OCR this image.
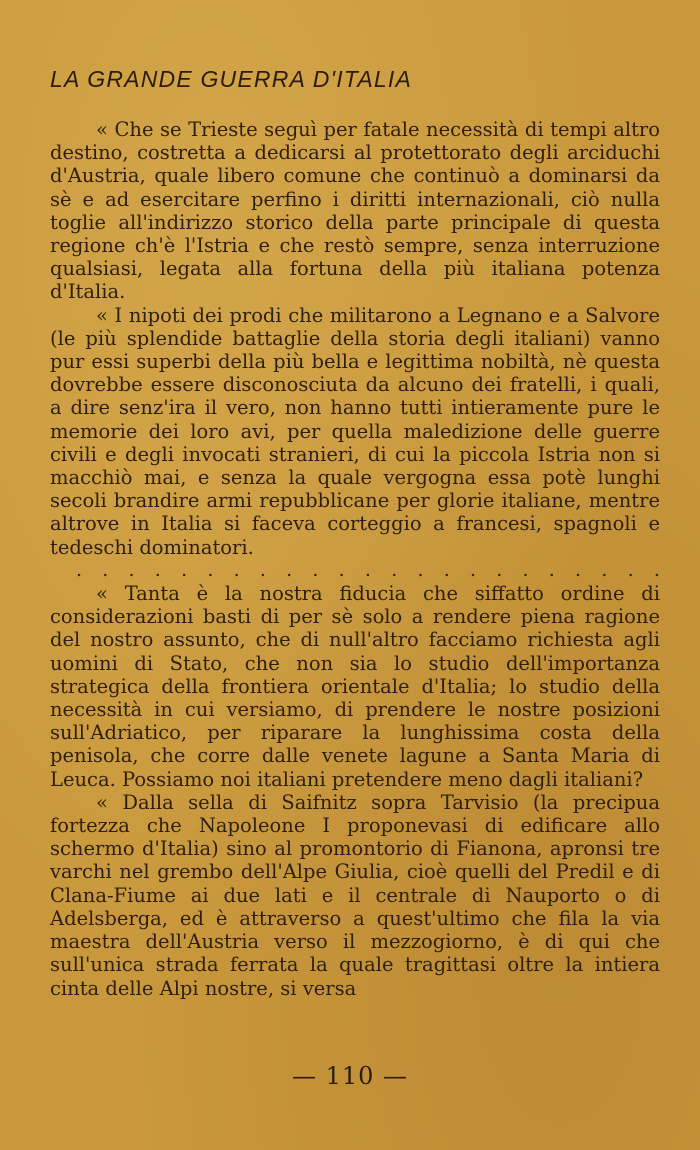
LA GRANDE GUERRA D'ITALIA

« Che se Trieste seguì per fatale necessità di tempi altro destino, costretta a dedicarsi al protettorato degli arciduchi d'Austria, quale libero comune che continuò a dominarsi da sè e ad esercitare perfino i diritti internazionali, ciò nulla toglie all'indirizzo storico della parte principale di questa regione ch'è l'Istria e che restò sempre, senza interruzione qualsiasi, legata alla fortuna della più italiana potenza d'Italia.

« I nipoti dei prodi che militarono a Legnano e a Salvore (le più splendide battaglie della storia degli italiani) vanno pur essi superbi della più bella e legittima nobiltà, nè questa dovrebbe essere disconosciuta da alcuno dei fratelli, i quali, a dire senz'ira il vero, non hanno tutti intieramente pure le memorie dei loro avi, per quella maledizione delle guerre civili e degli invocati stranieri, di cui la piccola Istria non si macchiò mai, e senza la quale vergogna essa potè lunghi secoli brandire armi repubblicane per glorie italiane, mentre altrove in Italia si faceva corteggio a francesi, spagnoli e tedeschi dominatori.

. . . . . . . . . . . . . . . . . . . . . . .

« Tanta è la nostra fiducia che siffatto ordine di considerazioni basti di per sè solo a rendere piena ragione del nostro assunto, che di null'altro facciamo richiesta agli uomini di Stato, che non sia lo studio dell'importanza strategica della frontiera orientale d'Italia; lo studio della necessità in cui versiamo, di prendere le nostre posizioni sull'Adriatico, per riparare la lunghissima costa della penisola, che corre dalle venete lagune a Santa Maria di Leuca. Possiamo noi italiani pretendere meno dagli italiani?

« Dalla sella di Saifnitz sopra Tarvisio (la precipua fortezza che Napoleone I proponevasi di edificare allo schermo d'Italia) sino al promontorio di Fianona, apronsi tre varchi nel grembo dell'Alpe Giulia, cioè quelli del Predil e di Clana-Fiume ai due lati e il centrale di Nauporto o di Adelsberga, ed è attraverso a quest'ultimo che fila la via maestra dell'Austria verso il mezzogiorno, è di qui che sull'unica strada ferrata la quale tragittasi oltre la intiera cinta delle Alpi nostre, si versa

— 110 —
